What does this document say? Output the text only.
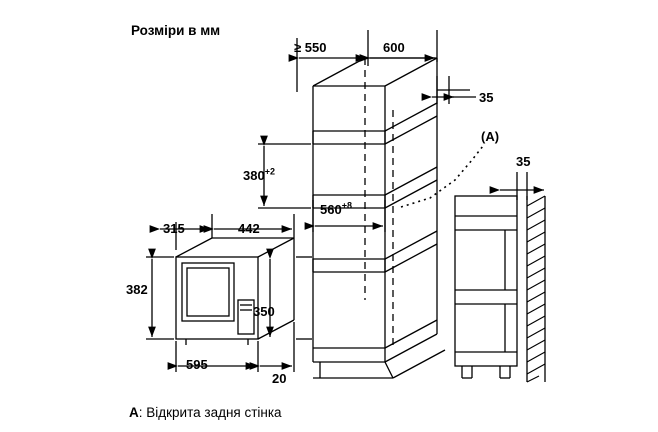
Розміри в мм
≥ 550	600
35
$380^{+2}$
$560^{+8}$
(A)
35
315	442
382
350
595
20
A: Відкрита задня стінка
